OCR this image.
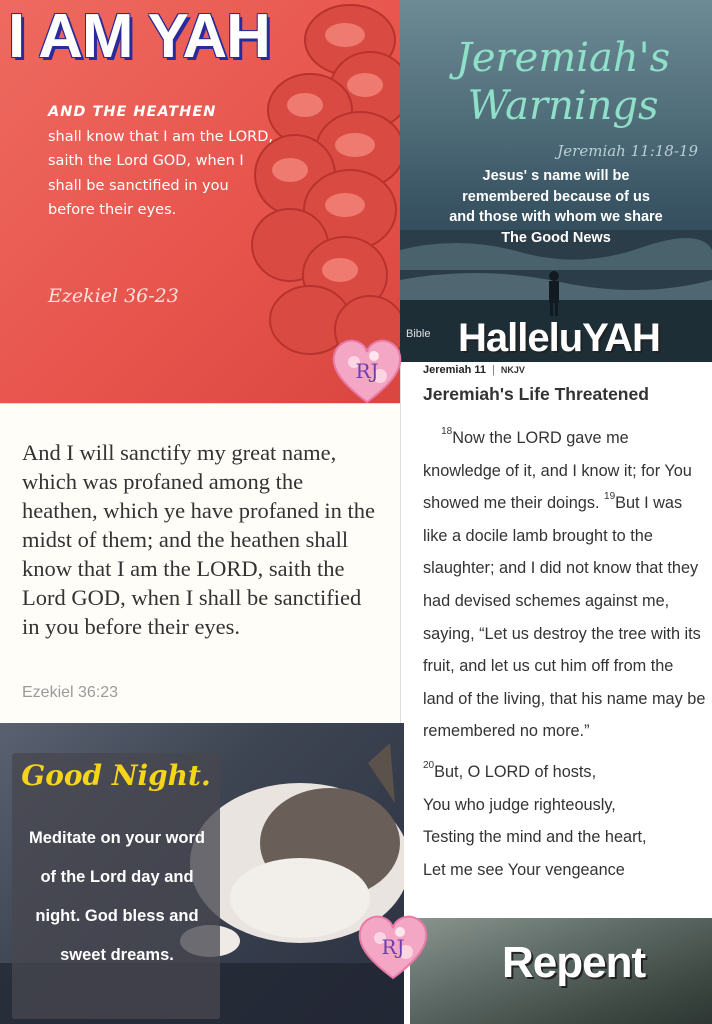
I AM YAH
AND THE HEATHEN
shall know that I am the LORD, saith the Lord GOD, when I shall be sanctified in you before their eyes.
Ezekiel 36-23
Jeremiah's
Warnings
Jeremiah 11:18-19
Jesus' s name will be
remembered because of us
and those with whom we share
The Good News
Bible HalleluYAH
And I will sanctify my great name, which was profaned among the heathen, which ye have profaned in the midst of them; and the heathen shall know that I am the LORD, saith the Lord GOD, when I shall be sanctified in you before their eyes.
Ezekiel 36:23
Jeremiah 11 | NKJV
Jeremiah's Life Threatened

$^{18}$Now the LORD gave me knowledge of it, and I know it; for You showed me their doings. $^{19}$But I was like a docile lamb brought to the slaughter; and I did not know that they had devised schemes against me, saying, “Let us destroy the tree with its fruit, and let us cut him off from the land of the living, that his name may be remembered no more.”

$^{20}$But, O LORD of hosts,
You who judge righteously,
Testing the mind and the heart,
Let me see Your vengeance
Good Night.
Meditate on your word
of the Lord day and
night. God bless and
sweet dreams.	Repent
RJ
RJ
